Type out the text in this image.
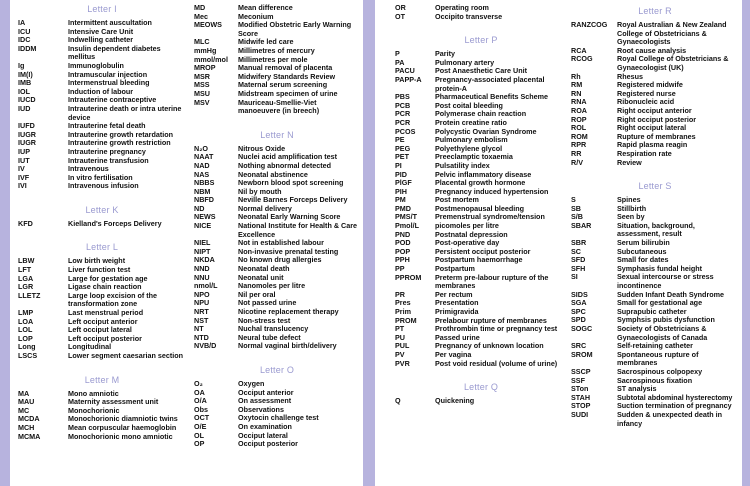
Letter I
IA	Intermittent auscultation
ICU	Intensive Care Unit
IDC	Indwelling catheter
IDDM	Insulin dependent diabetes mellitus
Ig	Immunoglobulin
IM(I)	Intramuscular injection
IMB	Intermenstrual bleeding
IOL	Induction of labour
IUCD	Intrauterine contraceptive
IUD	Intrauterine death or intra uterine device
IUFD	Intrauterine fetal death
IUGR	Intrauterine growth retardation
IUGR	Intrauterine growth restriction
IUP	Intrauterine pregnancy
IUT	Intrauterine transfusion
IV	Intravenous
IVF	In vitro fertilisation
IVI	Intravenous infusion
Letter K
KFD	Kielland's Forceps Delivery
Letter L
LBW	Low birth weight
LFT	Liver function test
LGA	Large for gestation age
LGR	Ligase chain reaction
LLETZ	Large loop excision of the transformation zone
LMP	Last menstrual period
LOA	Left occiput anterior
LOL	Left occiput lateral
LOP	Left occiput posterior
Long	Longitudinal
LSCS	Lower segment caesarian section
Letter M
MA	Mono amniotic
MAU	Maternity assessment unit
MC	Monochorionic
MCDA	Monochorionic diamniotic twins
MCH	Mean corpuscular haemoglobin
MCMA	Monochorionic mono amniotic
MD	Mean difference
Mec	Meconium
MEOWS	Modified Obstetric Early Warning Score
MLC	Midwife led care
mmHg	Millimetres of mercury
mmol/mol	Millimetres per mole
MROP	Manual removal of placenta
MSR	Midwifery Standards Review
MSS	Maternal serum screening
MSU	Midstream specimen of urine
MSV	Mauriceau-Smellie-Viet manoeuvere (in breech)
Letter N
N₂O	Nitrous Oxide
NAAT	Nuclei acid amplification test
NAD	Nothing abnormal detected
NAS	Neonatal abstinence
NBBS	Newborn blood spot screening
NBM	Nil by mouth
NBFD	Neville Barnes Forceps Delivery
ND	Normal delivery
NEWS	Neonatal Early Warning Score
NICE	National Institute for Health & Care Excellence
NIEL	Not in established labour
NIPT	Non-invasive prenatal testing
NKDA	No known drug allergies
NND	Neonatal death
NNU	Neonatal unit
nmol/L	Nanomoles per litre
NPO	Nil per oral
NPU	Not passed urine
NRT	Nicotine replacement therapy
NST	Non-stress test
NT	Nuchal translucency
NTD	Neural tube defect
NVB/D	Normal vaginal birth/delivery
Letter O
O₂	Oxygen
OA	Occiput anterior
O/A	On assessment
Obs	Observations
OCT	Oxytocin challenge test
O/E	On examination
OL	Occiput lateral
OP	Occiput posterior
OR	Operating room
OT	Occipito transverse
Letter P
P	Parity
PA	Pulmonary artery
PACU	Post Anaesthetic Care Unit
PAPP-A	Pregnancy-associated placental protein-A
PBS	Pharmaceutical Benefits Scheme
PCB	Post coital bleeding
PCR	Polymerase chain reaction
PCR	Protein creatine ratio
PCOS	Polycystic Ovarian Syndrome
PE	Pulmonary embolism
PEG	Polyethylene glycol
PET	Preeclamptic toxaemia
PI	Pulsatility index
PID	Pelvic inflammatory disease
PlGF	Placental growth hormone
PIH	Pregnancy induced hypertension
PM	Post mortem
PMD	Postmenopausal bleeding
PMS/T	Premenstrual syndrome/tension
Pmol/L	picomoles per litre
PND	Postnatal depression
POD	Post-operative day
POP	Persistent occiput posterior
PPH	Postpartum haemorrhage
PP	Postpartum
PPROM	Preterm pre-labour rupture of the membranes
PR	Per rectum
Pres	Presentation
Prim	Primigravida
PROM	Prelabour rupture of membranes
PT	Prothrombin time or pregnancy test
PU	Passed urine
PUL	Pregnancy of unknown location
PV	Per vagina
PVR	Post void residual (volume of urine)
Letter Q
Q	Quickening
Letter R
RANZCOG	Royal Australian & New Zealand College of Obstetricians & Gynaecologists
RCA	Root cause analysis
RCOG	Royal College of Obstetricians & Gynaecologist (UK)
Rh	Rhesus
RM	Registered midwife
RN	Registered nurse
RNA	Ribonucleic acid
ROA	Right occiput anterior
ROP	Right occiput posterior
ROL	Right occiput lateral
ROM	Rupture of membranes
RPR	Rapid plasma reagin
RR	Respiration rate
R/V	Review
Letter S
S	Spines
SB	Stillbirth
S/B	Seen by
SBAR	Situation, background, assessment, result
SBR	Serum bilirubin
SC	Subcutaneous
SFD	Small for dates
SFH	Symphasis fundal height
SI	Sexual intercourse or stress incontinence
SIDS	Sudden Infant Death Syndrome
SGA	Small for gestational age
SPC	Suprapubic catheter
SPD	Symphsis pubis dysfunction
SOGC	Society of Obstetricians & Gynaecologists of Canada
SRC	Self-retaining catheter
SROM	Spontaneous rupture of membranes
SSCP	Sacrospinous colpopexy
SSF	Sacrospinous fixation
STon	ST analysis
STAH	Subtotal abdominal hysterectomy
STOP	Suction termination of pregnancy
SUDI	Sudden & unexpected death in infancy
